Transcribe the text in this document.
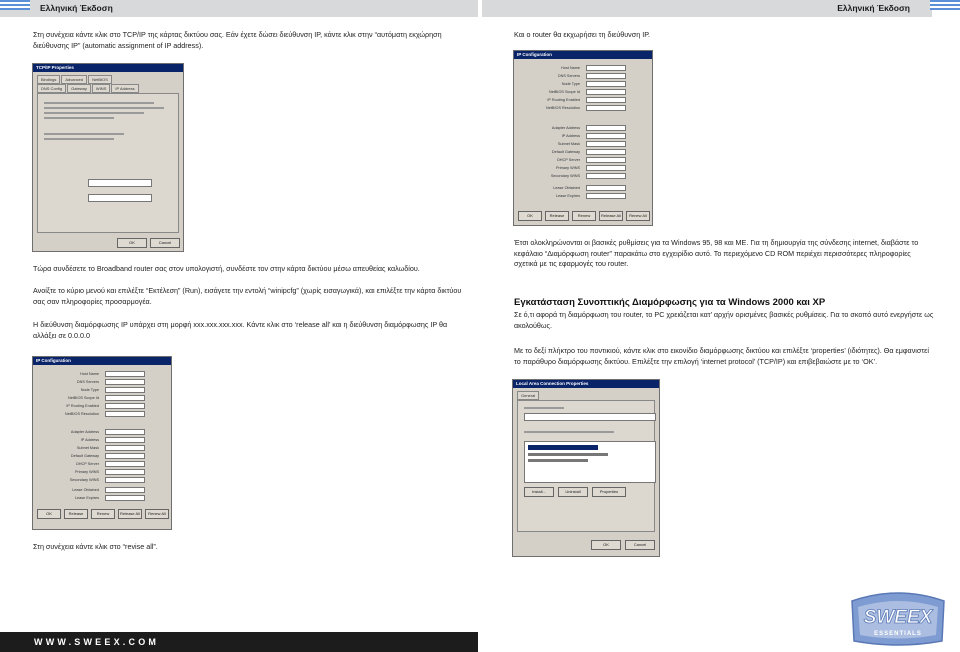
Ελληνική Έκδοση	Ελληνική Έκδοση
Στη συνέχεια κάντε κλικ στο TCP/IP της κάρτας δικτύου σας. Εάν έχετε δώσει διεύθυνση IP, κάντε κλικ στην “αυτόματη εκχώρηση διεύθυνσης IP” (automatic assignment of IP address).
TCP/IP Properties
Bindings	Advanced	NetBIOS
DNS Config	Gateway	WINS	IP Address
OK	Cancel
Τώρα συνδέσετε το Broadband router σας στον υπολογιστή, συνδέστε τον στην κάρτα δικτύου μέσω απευθείας καλωδίου.
Ανοίξτε το κύριο μενού και επιλέξτε “Εκτέλεση” (Run), εισάγετε την εντολή “winipcfg” (χωρίς εισαγωγικά), και επιλέξτε την κάρτα δικτύου σας σαν πληροφορίες προσαρμογέα.
Η διεύθυνση διαμόρφωσης IP υπάρχει στη μορφή xxx.xxx.xxx.xxx. Κάντε κλικ στο ‘release all’ και η διεύθυνση διαμόρφωσης IP θα αλλάξει σε 0.0.0.0
IP Configuration
Host Name
DNS Servers
Node Type
NetBIOS Scope Id
IP Routing Enabled
NetBIOS Resolution
Adapter Address
IP Address
Subnet Mask
Default Gateway
DHCP Server
Primary WINS
Secondary WINS
Lease Obtained
Lease Expires
OK	Release	Renew	Release All	Renew All
Στη συνέχεια κάντε κλικ στο “revise all”.
WWW.SWEEX.COM
Και ο router θα εκχωρήσει τη διεύθυνση IP.
IP Configuration
Host Name
DNS Servers
Node Type
NetBIOS Scope Id
IP Routing Enabled
NetBIOS Resolution
Adapter Address
IP Address
Subnet Mask
Default Gateway
DHCP Server
Primary WINS
Secondary WINS
Lease Obtained
Lease Expires
OK	Release	Renew	Release All	Renew All
Έτσι ολοκληρώνονται οι βασικές ρυθμίσεις για τα Windows 95, 98 και ME. Για τη δημιουργία της σύνδεσης internet, διαβάστε το κεφάλαιο “Διαμόρφωση router” παρακάτω στο εγχειρίδιο αυτό. Το περιεχόμενο CD ROM περιέχει περισσότερες πληροφορίες σχετικά με τις εφαρμογές του router.
Εγκατάσταση Συνοπτικής Διαμόρφωσης για τα Windows 2000 και XP
Σε ό,τι αφορά τη διαμόρφωση του router, το PC χρειάζεται κατ’ αρχήν ορισμένες βασικές ρυθμίσεις. Για το σκοπό αυτό ενεργήστε ως ακολούθως.
Με το δεξί πλήκτρο του ποντικιού, κάντε κλικ στο εικονίδιο διαμόρφωσης δικτύου και επιλέξτε ‘properties’ (ιδιότητες). Θα εμφανιστεί το παράθυρο διαμόρφωσης δικτύου. Επιλέξτε την επιλογή ‘internet protocol’ (TCP/IP) και επιβεβαιώστε με το ‘OK’.
Local Area Connection Properties
General
Install...	Uninstall	Properties
OK	Cancel
SWEEX
ESSENTIALS
